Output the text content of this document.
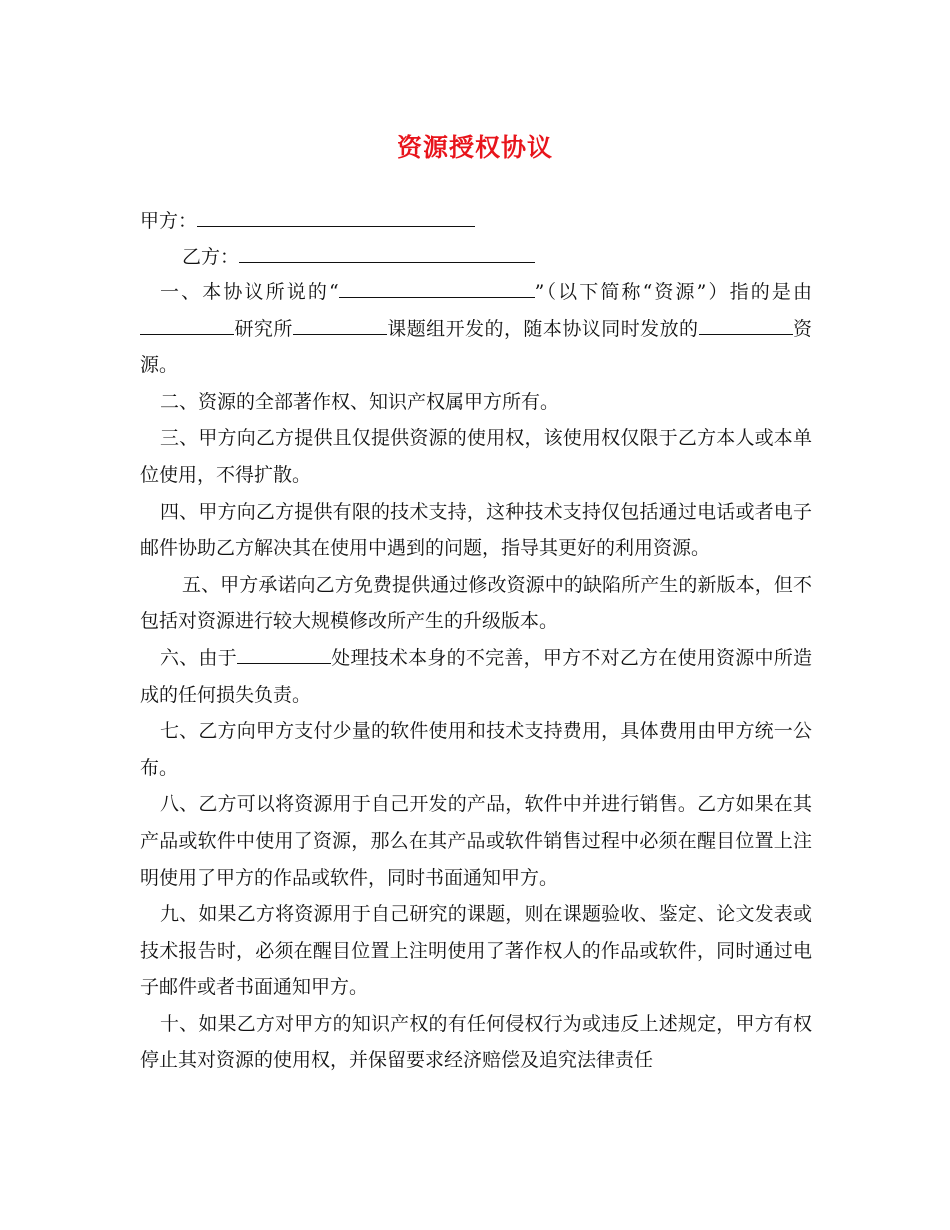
资源授权协议
甲方：
乙方：

一、本协议所说的“	”（以下简称“资源”）指的是由研究所	课题组开发的，随本协议同时发放的	资源。

二、资源的全部著作权、知识产权属甲方所有。

三、甲方向乙方提供且仅提供资源的使用权，该使用权仅限于乙方本人或本单位使用，不得扩散。

四、甲方向乙方提供有限的技术支持，这种技术支持仅包括通过电话或者电子邮件协助乙方解决其在使用中遇到的问题，指导其更好的利用资源。

五、甲方承诺向乙方免费提供通过修改资源中的缺陷所产生的新版本，但不包括对资源进行较大规模修改所产生的升级版本。

六、由于	处理技术本身的不完善，甲方不对乙方在使用资源中所造成的任何损失负责。

七、乙方向甲方支付少量的软件使用和技术支持费用，具体费用由甲方统一公布。

八、乙方可以将资源用于自己开发的产品，软件中并进行销售。乙方如果在其产品或软件中使用了资源，那么在其产品或软件销售过程中必须在醒目位置上注明使用了甲方的作品或软件，同时书面通知甲方。

九、如果乙方将资源用于自己研究的课题，则在课题验收、鉴定、论文发表或技术报告时，必须在醒目位置上注明使用了著作权人的作品或软件，同时通过电子邮件或者书面通知甲方。

十、如果乙方对甲方的知识产权的有任何侵权行为或违反上述规定，甲方有权停止其对资源的使用权，并保留要求经济赔偿及追究法律责任
